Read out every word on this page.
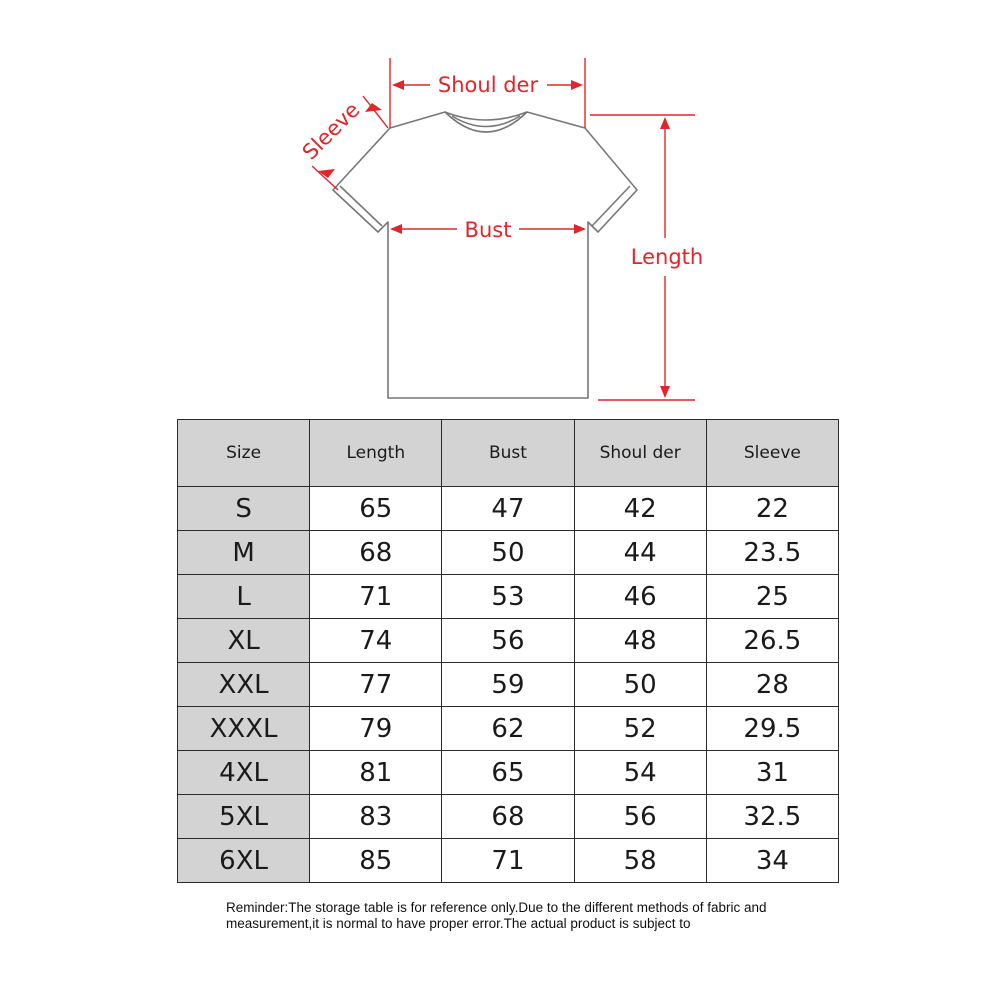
Shoul der
Bust
Length
Sleeve
Size	Length	Bust	Shoul der	Sleeve
S	65	47	42	22
M	68	50	44	23.5
L	71	53	46	25
XL	74	56	48	26.5
XXL	77	59	50	28
XXXL	79	62	52	29.5
4XL	81	65	54	31
5XL	83	68	56	32.5
6XL	85	71	58	34
Reminder:The storage table is for reference only.Due to the different methods of fabric and
measurement,it is normal to have proper error.The actual product is subject to
